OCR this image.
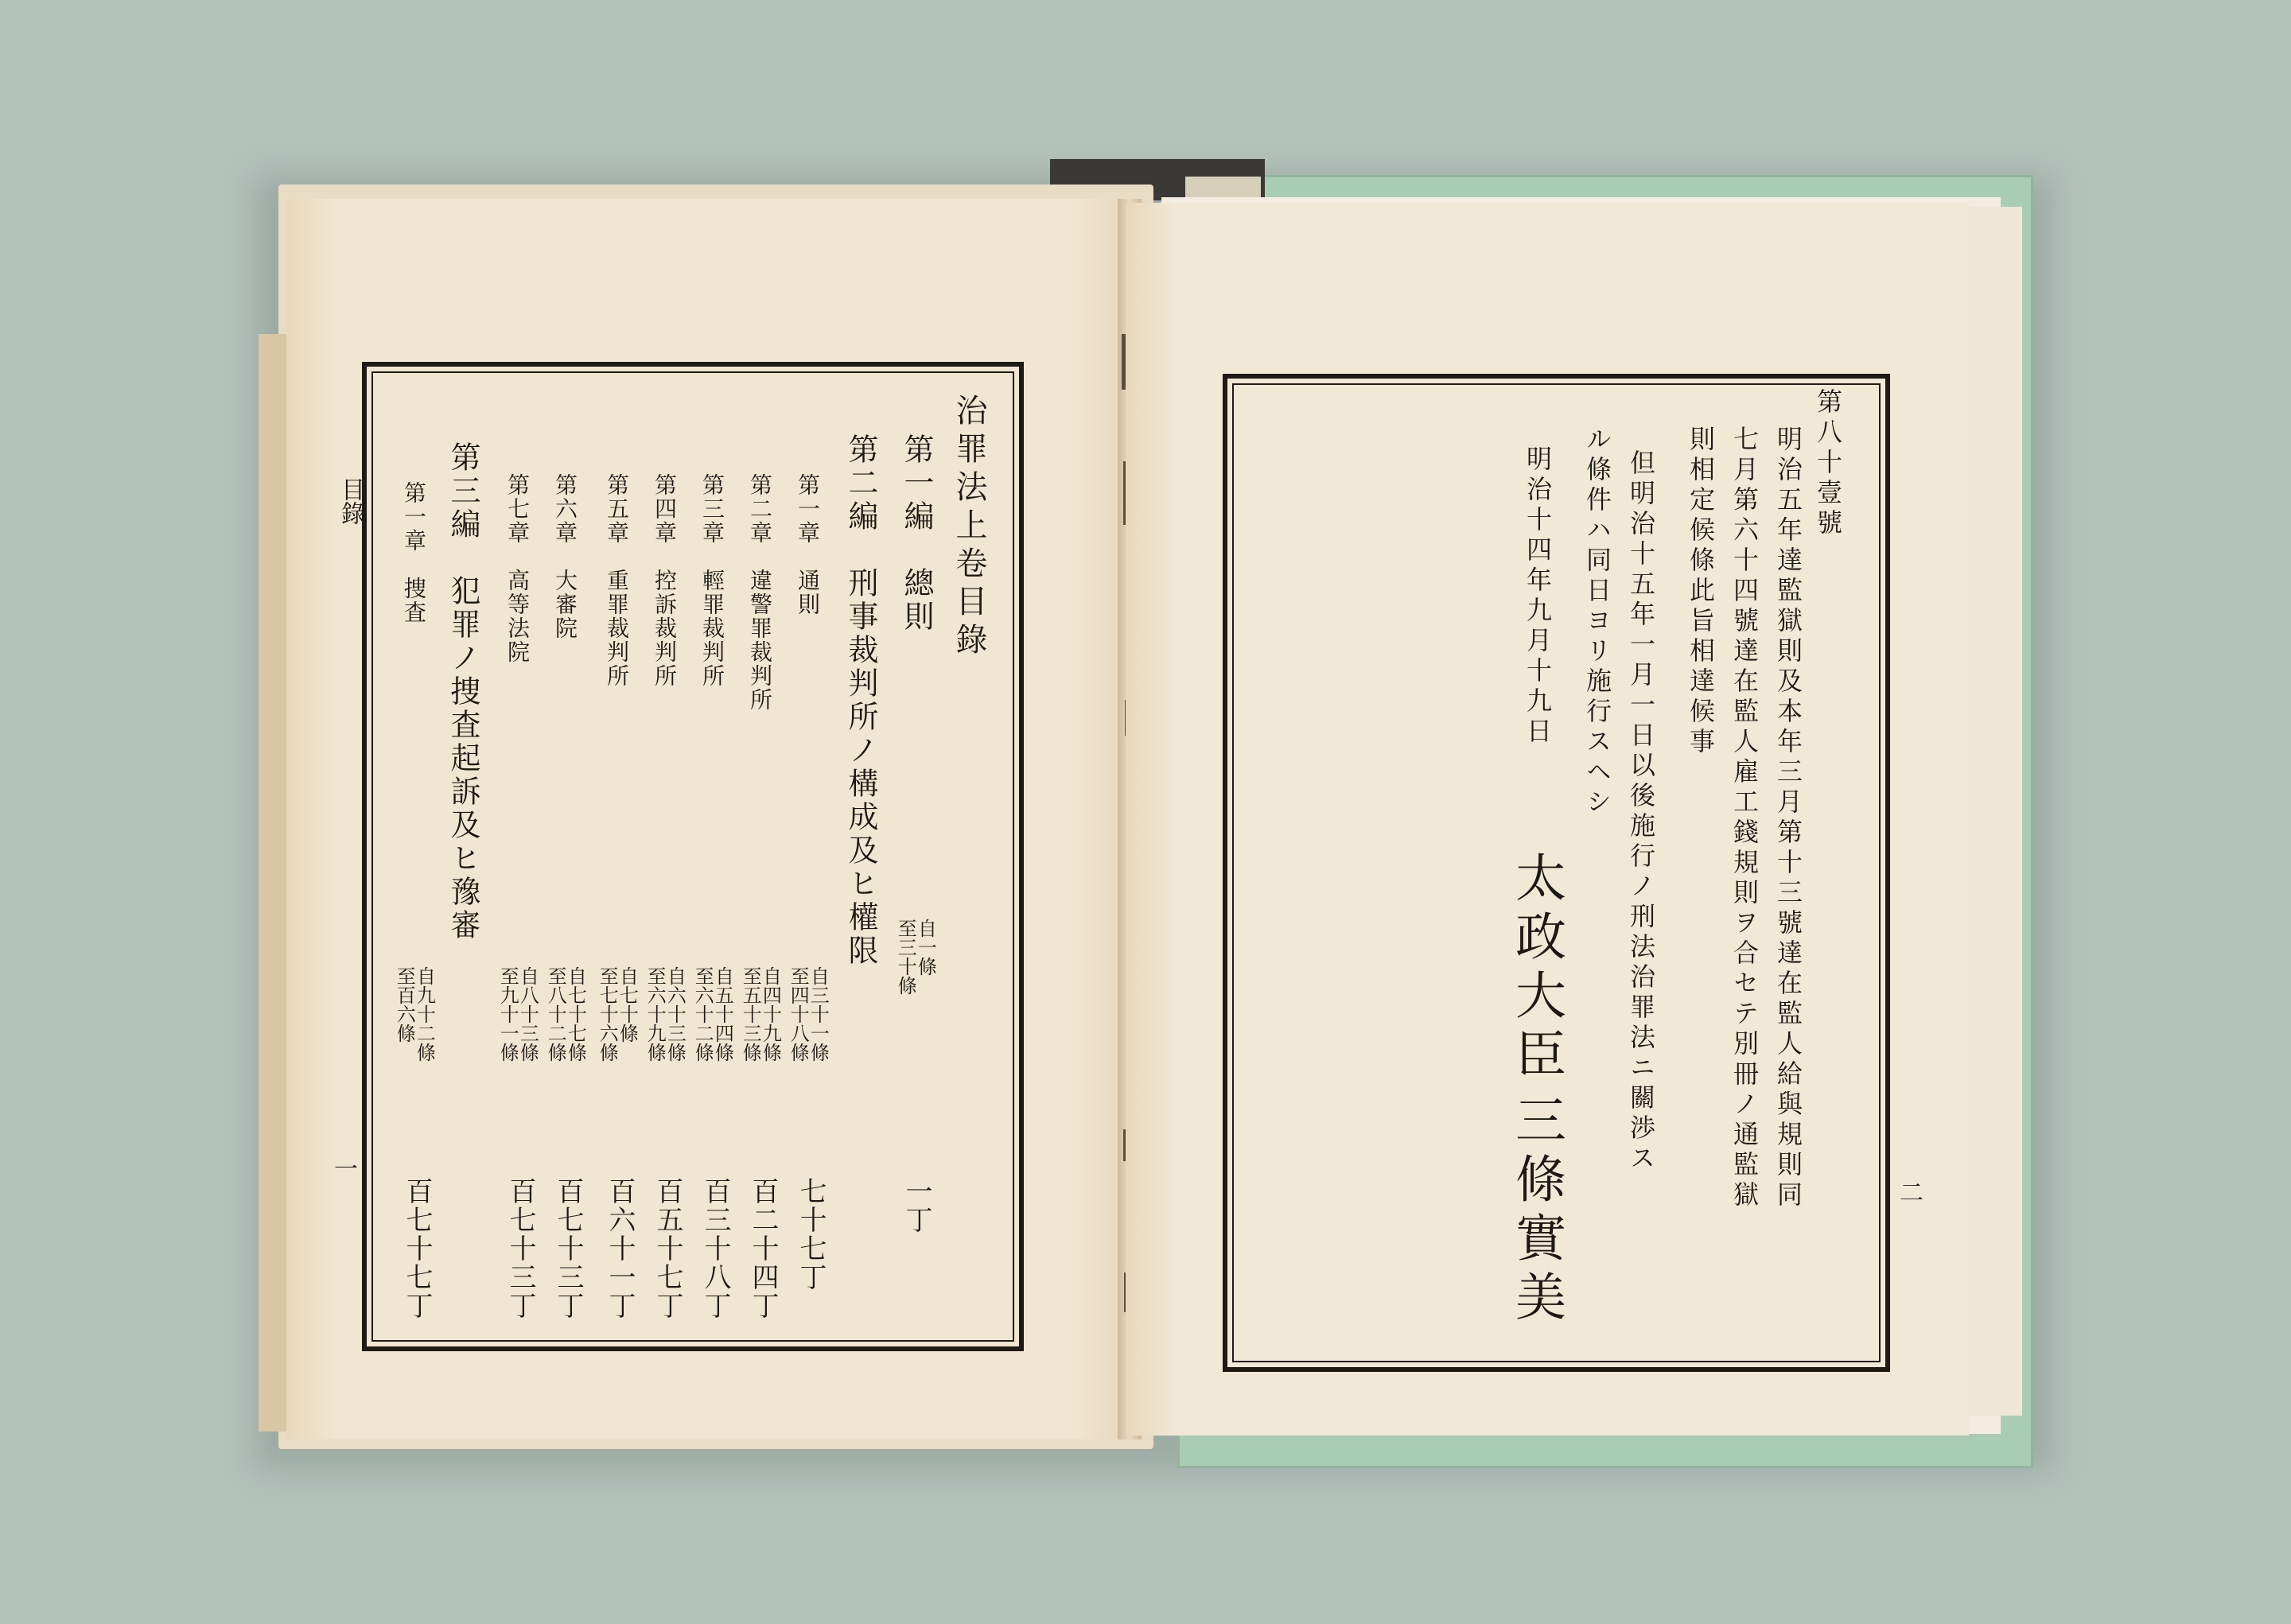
目錄
一
治罪法上卷目錄
第一編　總則
自一條
至三十條
一丁
第二編　刑事裁判所ノ構成及ヒ權限
第一章　通則
自三十一條
至四十八條
七十七丁
第二章　違警罪裁判所
自四十九條
至五十三條
百二十四丁
第三章　輕罪裁判所
自五十四條
至六十二條
百三十八丁
第四章　控訴裁判所
自六十三條
至六十九條
百五十七丁
第五章　重罪裁判所
自七十條
至七十六條
百六十一丁
第六章　大審院
自七十七條
至八十二條
百七十三丁
第七章　高等法院
自八十三條
至九十一條
百七十三丁
第三編　犯罪ノ捜査起訴及ヒ豫審
第一章　捜査
自九十二條
至百六條
百七十七丁	二
第八十壹號
明治五年達監獄則及本年三月第十三號達在監人給與規則同
七月第六十四號達在監人雇工錢規則ヲ合セテ別冊ノ通監獄
則相定候條此旨相達候事
但明治十五年一月一日以後施行ノ刑法治罪法ニ關渉ス
ル條件ハ同日ヨリ施行スヘシ
明治十四年九月十九日
太政大臣
三條實美
